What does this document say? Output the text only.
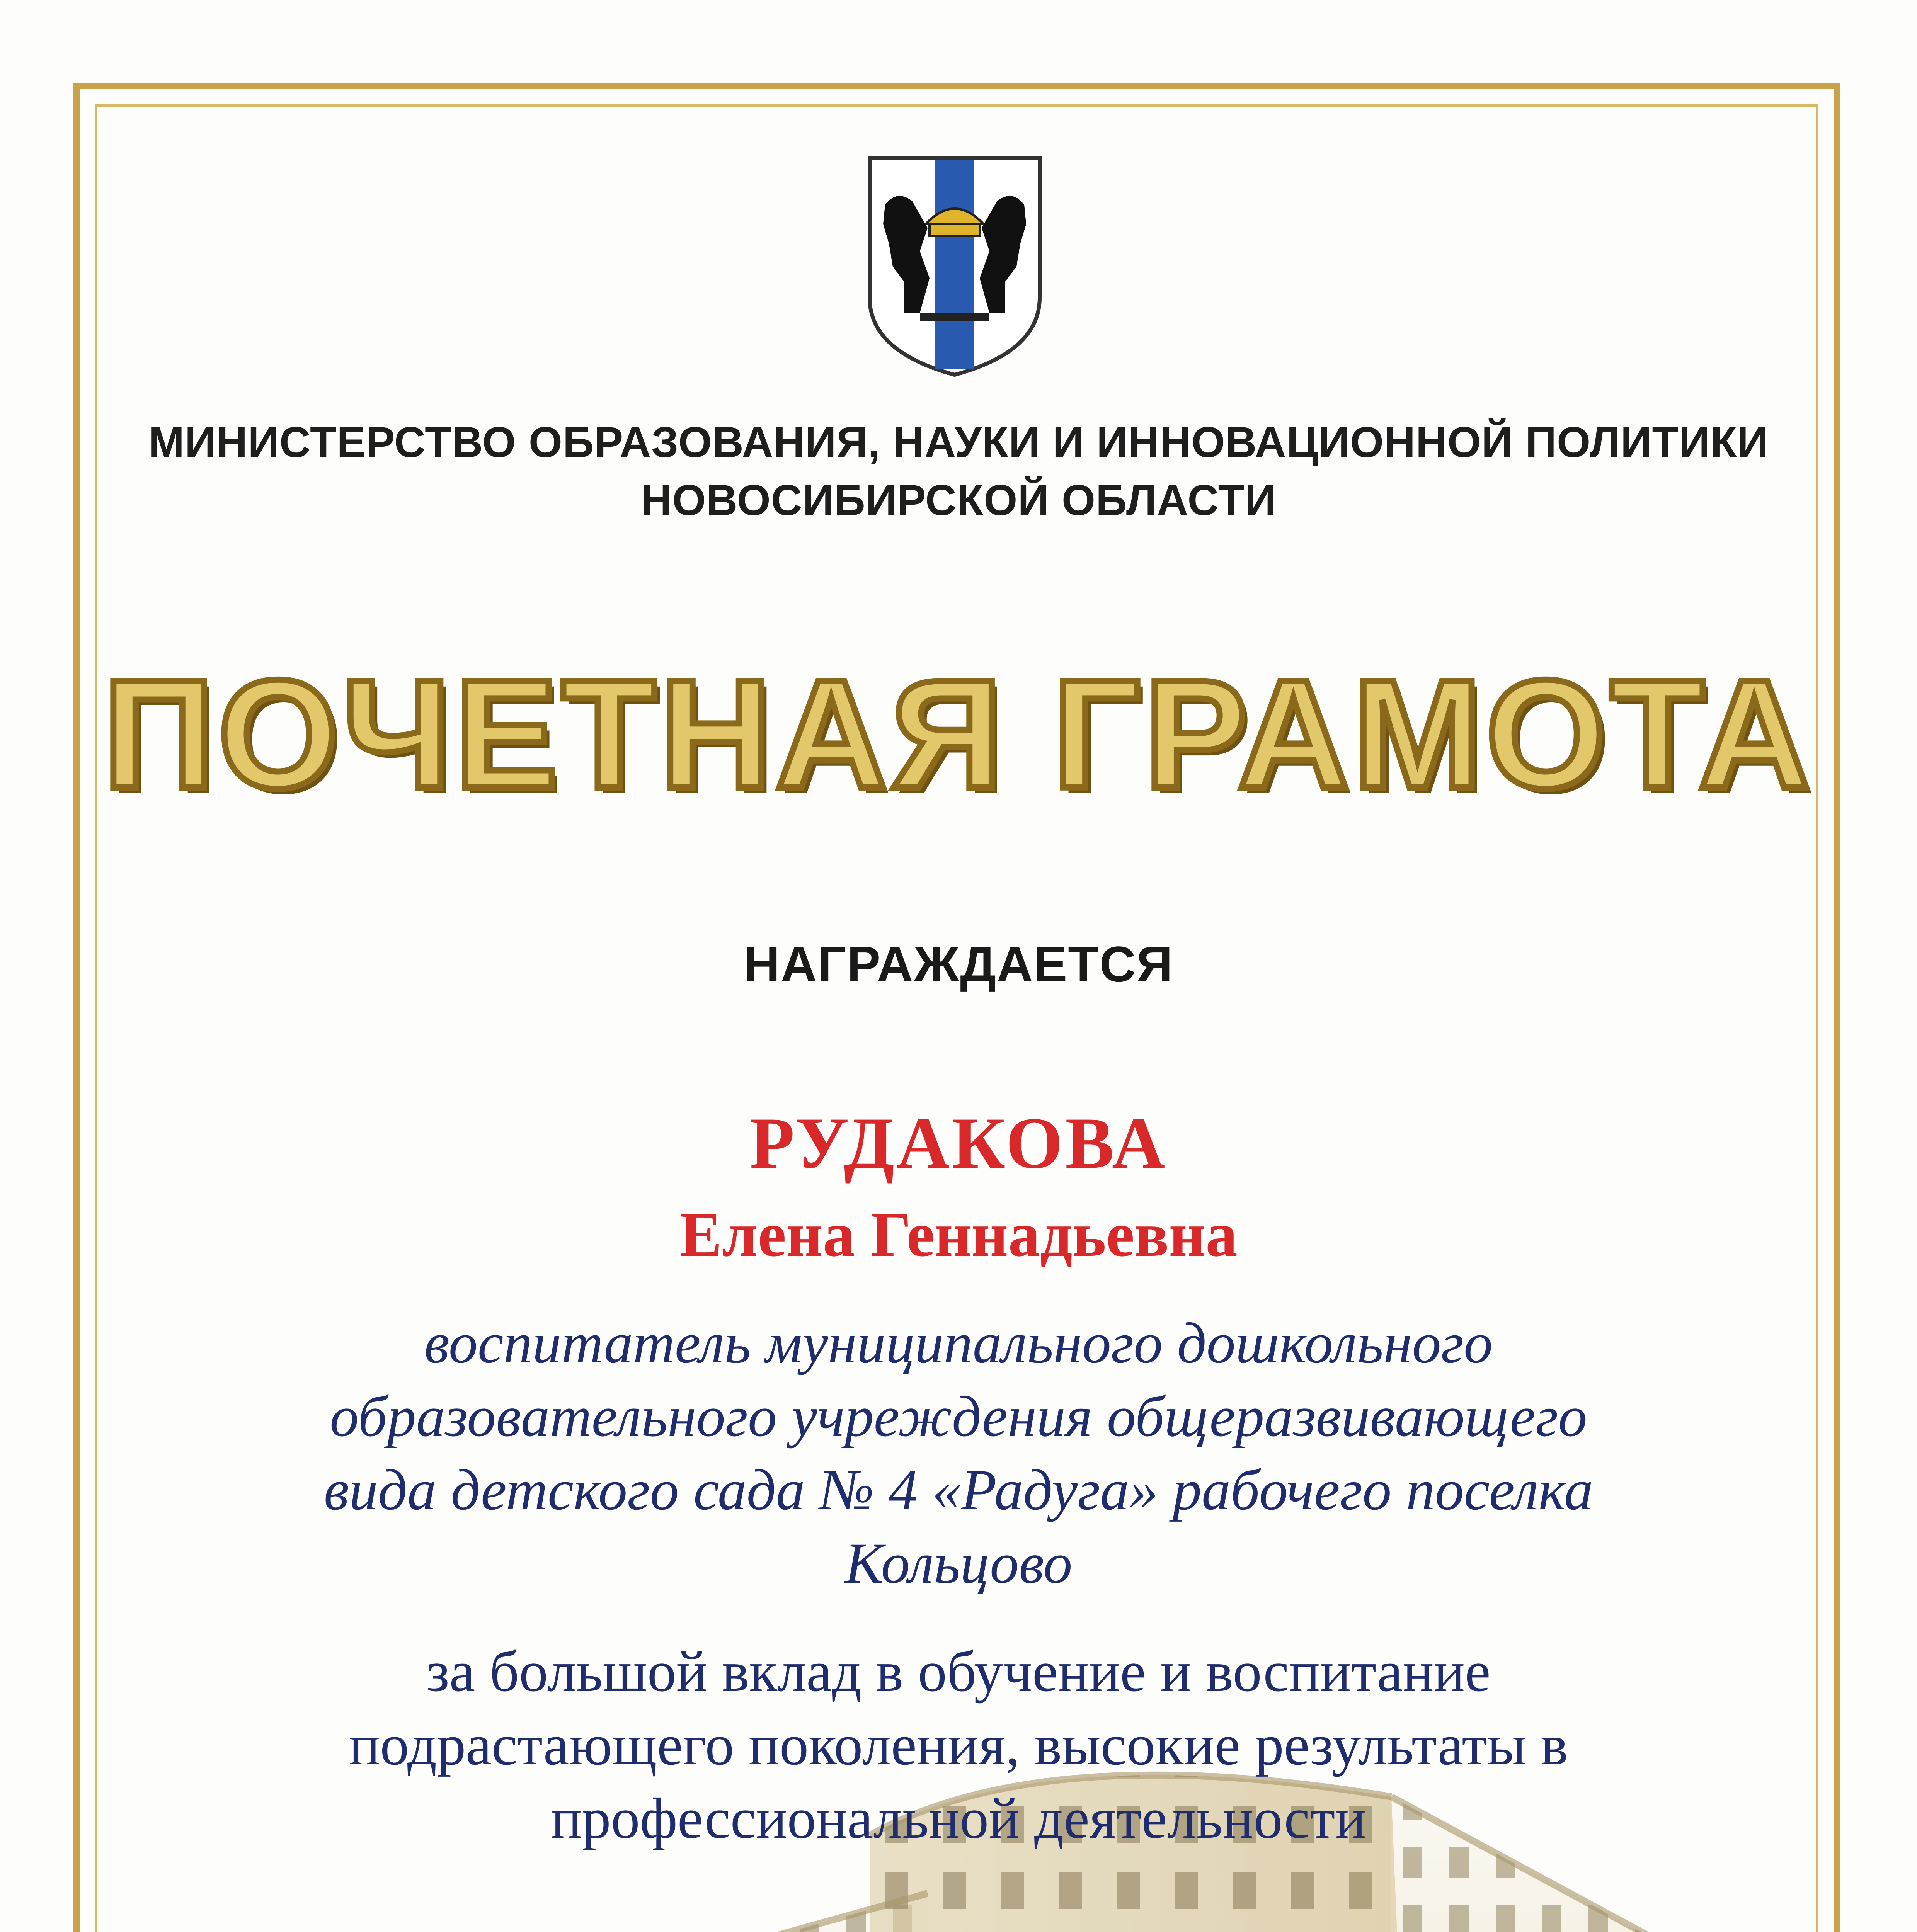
МИНИСТЕРСТВО ОБРАЗОВАНИЯ, НАУКИ И ИННОВАЦИОННОЙ ПОЛИТИКИ
НОВОСИБИРСКОЙ ОБЛАСТИ
ПОЧЕТНАЯ ГРАМОТА
НАГРАЖДАЕТСЯ
РУДАКОВА
Елена Геннадьевна
воспитатель муниципального дошкольного
образовательного учреждения общеразвивающего
вида детского сада № 4 «Радуга» рабочего поселка
Кольцово
за большой вклад в обучение и воспитание
подрастающего поколения, высокие результаты в
профессиональной деятельности
